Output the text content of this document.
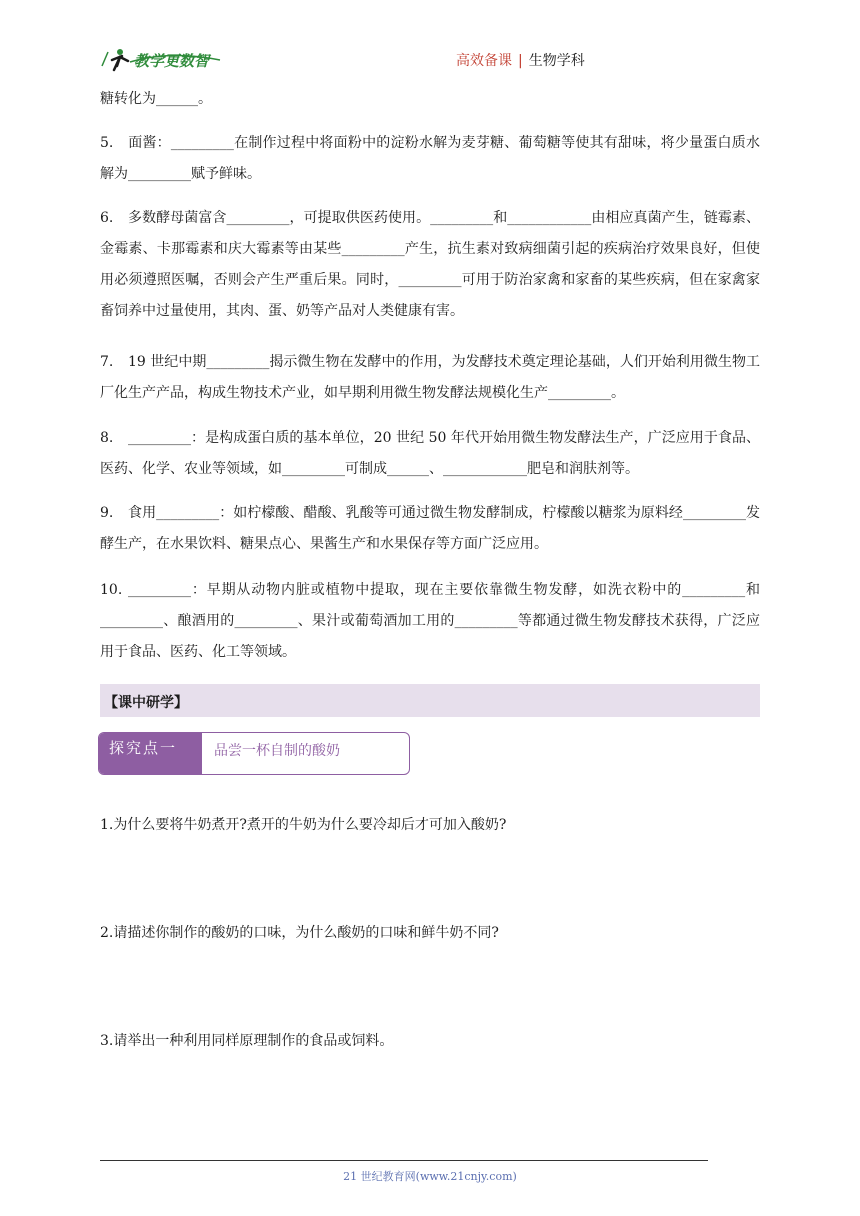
教学更数智	高效备课 | 生物学科
糖转化为______。
5. 面酱：_________在制作过程中将面粉中的淀粉水解为麦芽糖、葡萄糖等使其有甜味，将少量蛋白质水解为_________赋予鲜味。
6. 多数酵母菌富含_________，可提取供医药使用。_________和____________由相应真菌产生，链霉素、金霉素、卡那霉素和庆大霉素等由某些_________产生，抗生素对致病细菌引起的疾病治疗效果良好，但使用必须遵照医嘱，否则会产生严重后果。同时，_________可用于防治家禽和家畜的某些疾病，但在家禽家畜饲养中过量使用，其肉、蛋、奶等产品对人类健康有害。
7. 19 世纪中期_________揭示微生物在发酵中的作用，为发酵技术奠定理论基础，人们开始利用微生物工厂化生产产品，构成生物技术产业，如早期利用微生物发酵法规模化生产_________。
8. _________：是构成蛋白质的基本单位，20 世纪 50 年代开始用微生物发酵法生产，广泛应用于食品、医药、化学、农业等领域，如_________可制成______、____________肥皂和润肤剂等。
9. 食用_________：如柠檬酸、醋酸、乳酸等可通过微生物发酵制成，柠檬酸以糖浆为原料经_________发酵生产，在水果饮料、糖果点心、果酱生产和水果保存等方面广泛应用。
10. _________：早期从动物内脏或植物中提取，现在主要依靠微生物发酵，如洗衣粉中的_________和_________、酿酒用的_________、果汁或葡萄酒加工用的_________等都通过微生物发酵技术获得，广泛应用于食品、医药、化工等领域。
【课中研学】
探究点一	品尝一杯自制的酸奶
1.为什么要将牛奶煮开?煮开的牛奶为什么要冷却后才可加入酸奶?
2.请描述你制作的酸奶的口味，为什么酸奶的口味和鲜牛奶不同?
3.请举出一种利用同样原理制作的食品或饲料。
21 世纪教育网(www.21cnjy.com)
